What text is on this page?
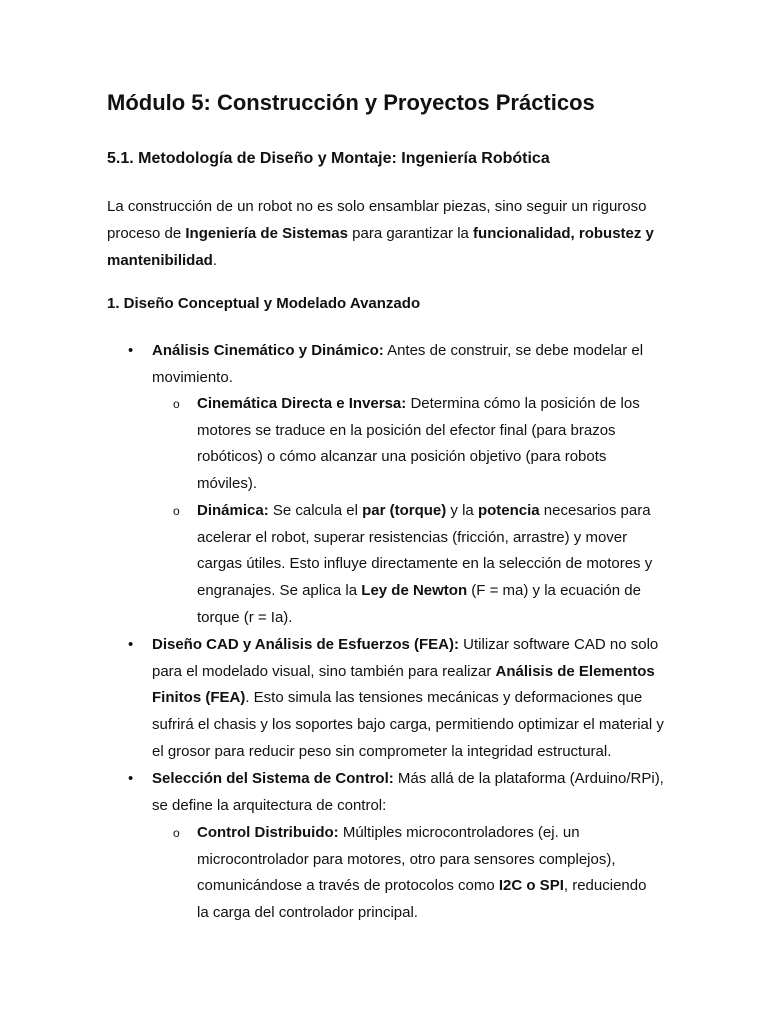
Módulo 5: Construcción y Proyectos Prácticos
5.1. Metodología de Diseño y Montaje: Ingeniería Robótica

La construcción de un robot no es solo ensamblar piezas, sino seguir un riguroso proceso de Ingeniería de Sistemas para garantizar la funcionalidad, robustez y mantenibilidad.

1. Diseño Conceptual y Modelado Avanzado
• Análisis Cinemático y Dinámico: Antes de construir, se debe modelar el movimiento.
o Cinemática Directa e Inversa: Determina cómo la posición de los motores se traduce en la posición del efector final (para brazos robóticos) o cómo alcanzar una posición objetivo (para robots móviles).
o Dinámica: Se calcula el par (torque) y la potencia necesarios para acelerar el robot, superar resistencias (fricción, arrastre) y mover cargas útiles. Esto influye directamente en la selección de motores y engranajes. Se aplica la Ley de Newton (F = ma) y la ecuación de torque (r = Ia).
• Diseño CAD y Análisis de Esfuerzos (FEA): Utilizar software CAD no solo para el modelado visual, sino también para realizar Análisis de Elementos Finitos (FEA). Esto simula las tensiones mecánicas y deformaciones que sufrirá el chasis y los soportes bajo carga, permitiendo optimizar el material y el grosor para reducir peso sin comprometer la integridad estructural.
• Selección del Sistema de Control: Más allá de la plataforma (Arduino/RPi), se define la arquitectura de control:
o Control Distribuido: Múltiples microcontroladores (ej. un microcontrolador para motores, otro para sensores complejos), comunicándose a través de protocolos como I2C o SPI, reduciendo la carga del controlador principal.
